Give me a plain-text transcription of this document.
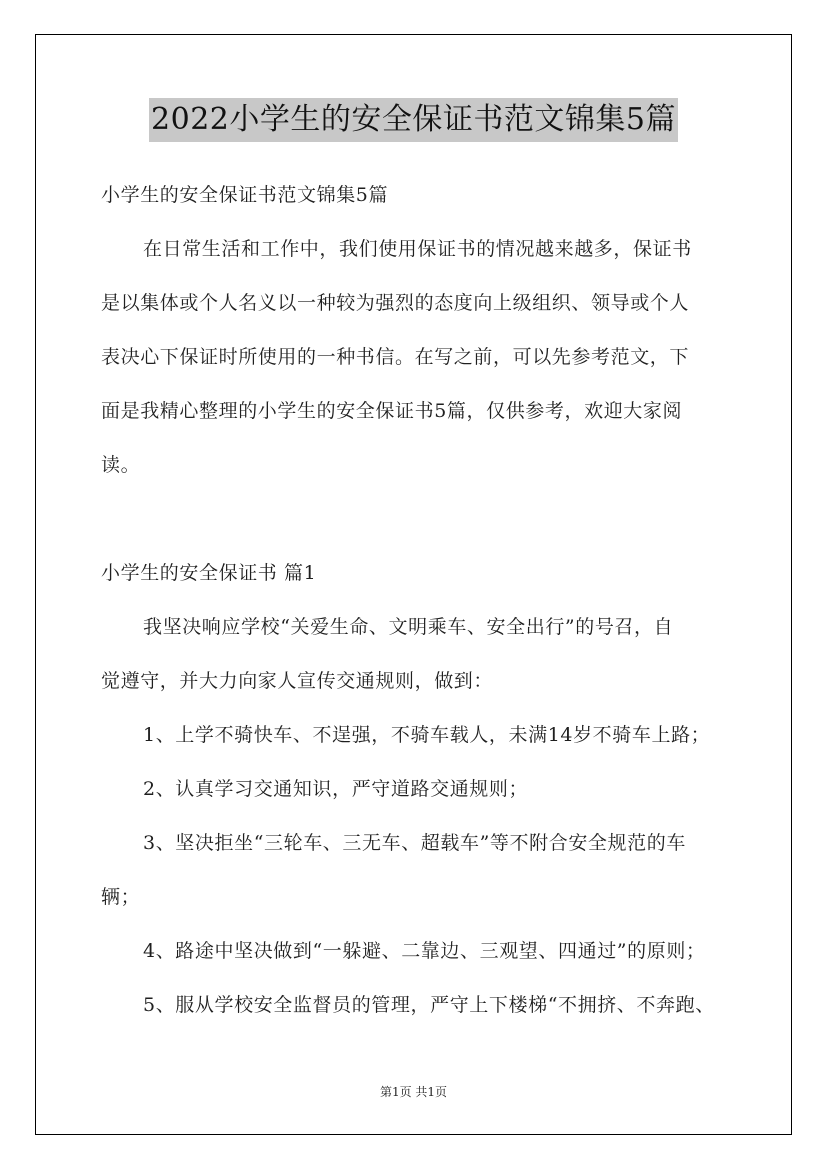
2022小学生的安全保证书范文锦集5篇
小学生的安全保证书范文锦集5篇
在日常生活和工作中，我们使用保证书的情况越来越多，保证书
是以集体或个人名义以一种较为强烈的态度向上级组织、领导或个人
表决心下保证时所使用的一种书信。在写之前，可以先参考范文，下
面是我精心整理的小学生的安全保证书5篇，仅供参考，欢迎大家阅
读。
小学生的安全保证书 篇1
我坚决响应学校“关爱生命、文明乘车、安全出行”的号召，自
觉遵守，并大力向家人宣传交通规则，做到：
1、上学不骑快车、不逞强，不骑车载人，未满14岁不骑车上路；
2、认真学习交通知识，严守道路交通规则；
3、坚决拒坐“三轮车、三无车、超载车”等不附合安全规范的车
辆；
4、路途中坚决做到“一躲避、二靠边、三观望、四通过”的原则；
5、服从学校安全监督员的管理，严守上下楼梯“不拥挤、不奔跑、
第1页 共1页
